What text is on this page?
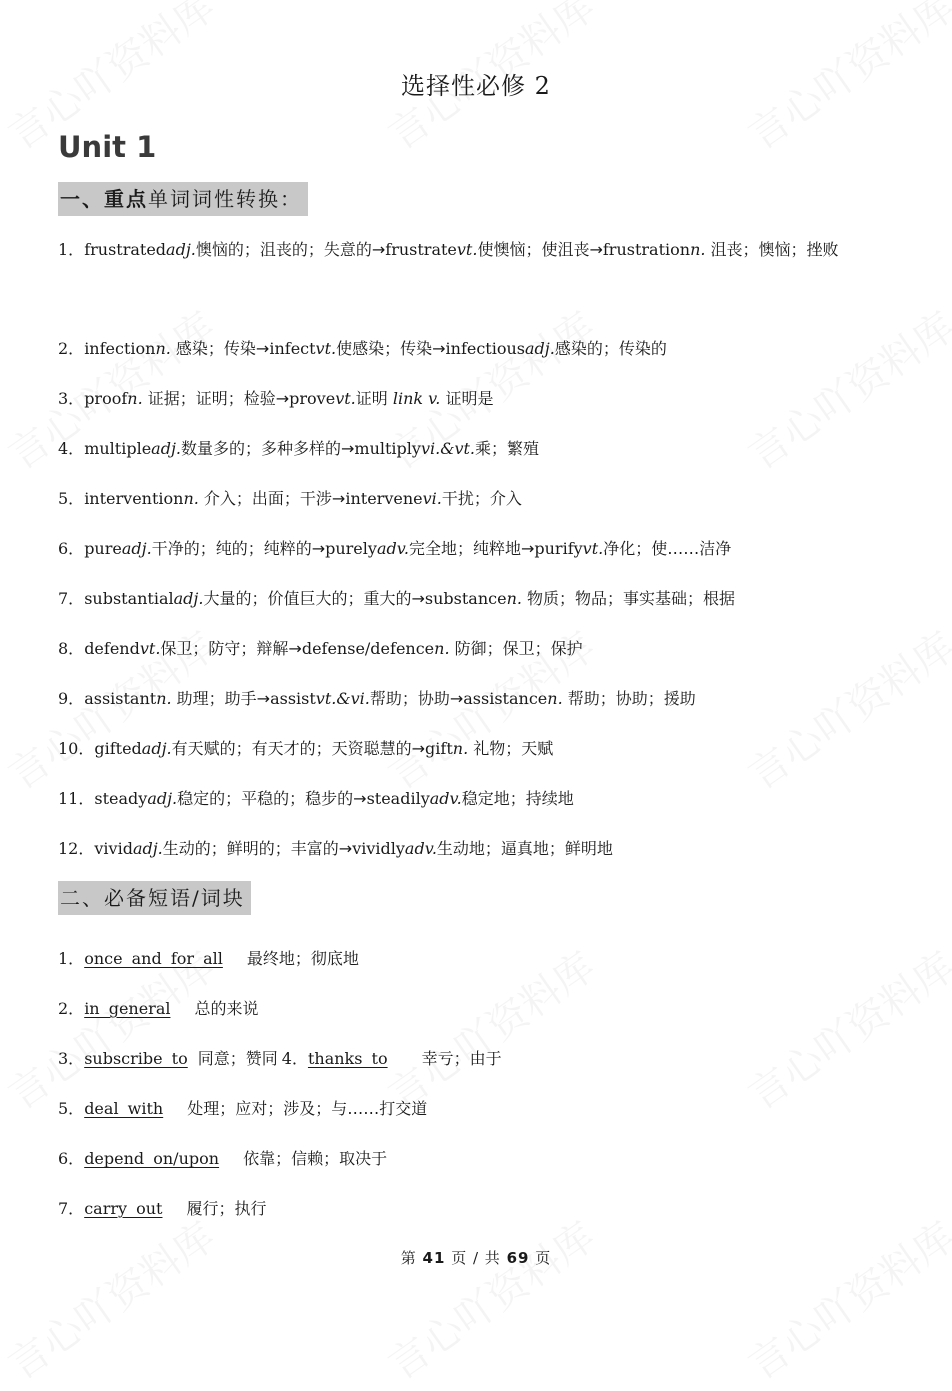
选择性必修 2
Unit 1
一、重点单词词性转换：
1．frustratedadj.懊恼的；沮丧的；失意的→frustratevt.使懊恼；使沮丧→frustrationn. 沮丧；懊恼；挫败
2．infectionn. 感染；传染→infectvt.使感染；传染→infectiousadj.感染的；传染的
3．proofn. 证据；证明；检验→provevt.证明 link v. 证明是
4．multipleadj.数量多的；多种多样的→multiplyvi.&vt.乘；繁殖
5．interventionn. 介入；出面；干涉→intervenevi.干扰；介入
6．pureadj.干净的；纯的；纯粹的→purelyadv.完全地；纯粹地→purifyvt.净化；使……洁净
7．substantialadj.大量的；价值巨大的；重大的→substancen. 物质；物品；事实基础；根据
8．defendvt.保卫；防守；辩解→defense/defencen. 防御；保卫；保护
9．assistantn. 助理；助手→assistvt.&vi.帮助；协助→assistancen. 帮助；协助；援助
10．giftedadj.有天赋的；有天才的；天资聪慧的→giftn. 礼物；天赋
11．steadyadj.稳定的；平稳的；稳步的→steadilyadv.稳定地；持续地
12．vividadj.生动的；鲜明的；丰富的→vividlyadv.生动地；逼真地；鲜明地
二、必备短语/词块
1．once and for all 最终地；彻底地
2．in general 总的来说
3．subscribe to 同意；赞同 4．thanks to 幸亏；由于
5．deal with 处理；应对；涉及；与……打交道
6．depend on/upon 依靠；信赖；取决于
7．carry out 履行；执行
第 41 页 / 共 69 页
